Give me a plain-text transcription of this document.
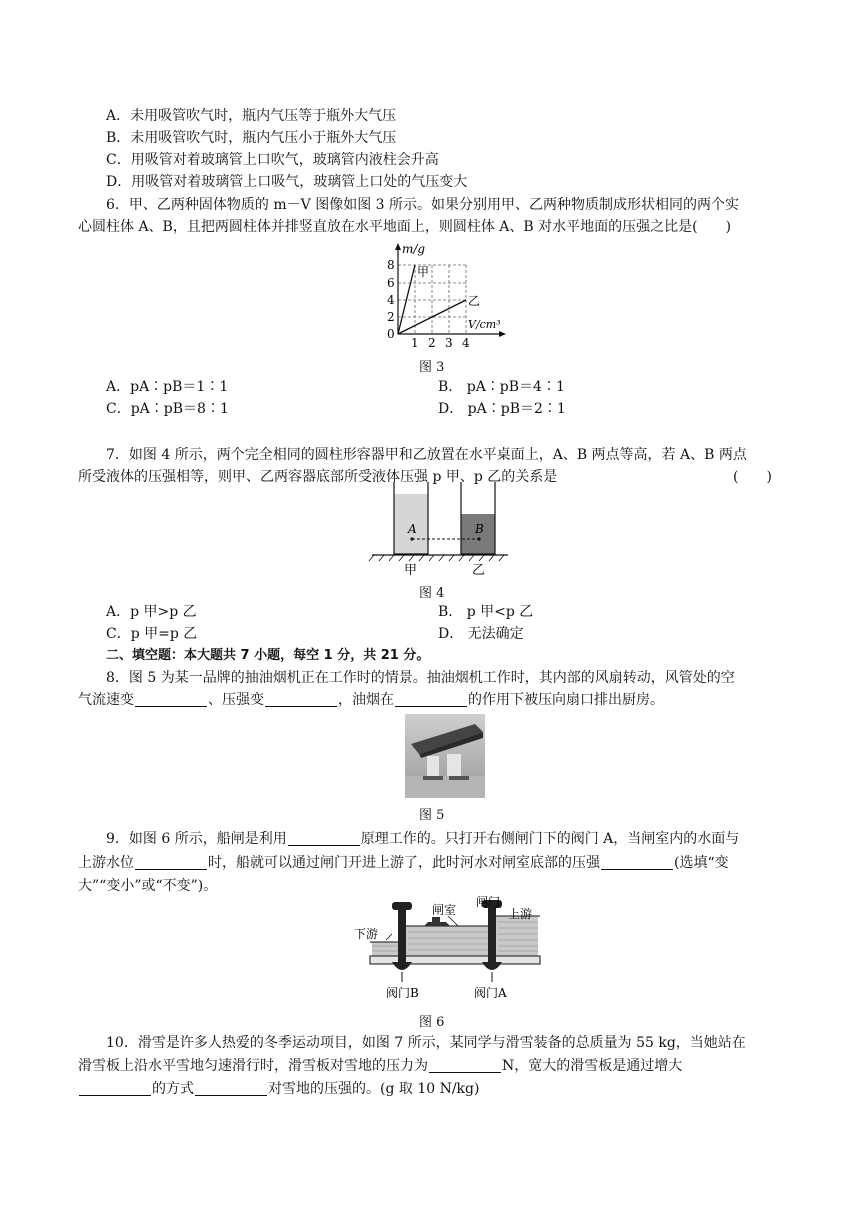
A．未用吸管吹气时，瓶内气压等于瓶外大气压
B．未用吸管吹气时，瓶内气压小于瓶外大气压
C．用吸管对着玻璃管上口吹气，玻璃管内液柱会升高
D．用吸管对着玻璃管上口吸气，玻璃管上口处的气压变大
6．甲、乙两种固体物质的 m－V 图像如图 3 所示。如果分别用甲、乙两种物质制成形状相同的两个实
心圆柱体 A、B，且把两圆柱体并排竖直放在水平地面上，则圆柱体 A、B 对水平地面的压强之比是(　　)
m/g
甲
乙
V/cm³
8
6
4
2
0
1 2 3 4
图 3
A．pA∶pB＝1∶1	B． pA∶pB＝4∶1
C．pA∶pB＝8∶1	D． pA∶pB＝2∶1
7．如图 4 所示，两个完全相同的圆柱形容器甲和乙放置在水平桌面上，A、B 两点等高，若 A、B 两点
所受液体的压强相等，则甲、乙两容器底部所受液体压强 p 甲、p 乙的关系是	(　　)
A	B
甲	乙
图 4
A．p 甲>p 乙	B． p 甲<p 乙
C．p 甲=p 乙	D． 无法确定
二、填空题：本大题共 7 小题，每空 1 分，共 21 分。
8．图 5 为某一品牌的抽油烟机正在工作时的情景。抽油烟机工作时，其内部的风扇转动，风管处的空
气流速变	、压强变	，油烟在	的作用下被压向扇口排出厨房。
图 5
9．如图 6 所示，船闸是利用	原理工作的。只打开右侧闸门下的阀门 A，当闸室内的水面与
上游水位	时，船就可以通过闸门开进上游了，此时河水对闸室底部的压强	(选填“变
大”“变小”或“不变”)。
闸室
闸门
上游
下游
阀门B	阀门A
图 6
10．滑雪是许多人热爱的冬季运动项目，如图 7 所示，某同学与滑雪装备的总质量为 55 kg，当她站在
滑雪板上沿水平雪地匀速滑行时，滑雪板对雪地的压力为	N，宽大的滑雪板是通过增大
的方式	对雪地的压强的。(g 取 10 N/kg)
